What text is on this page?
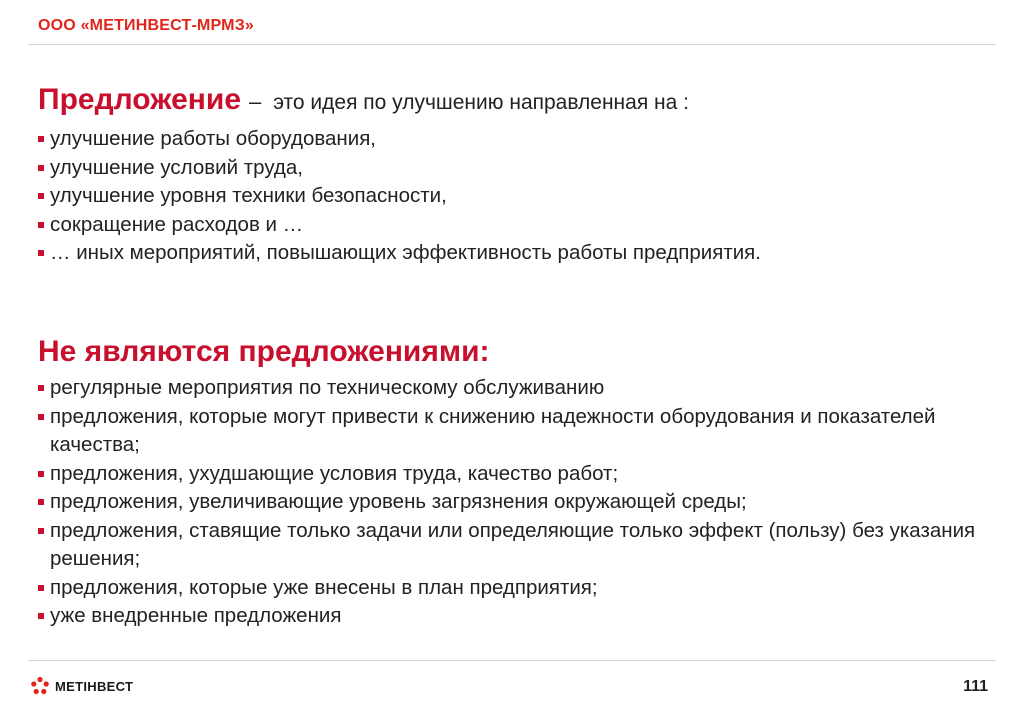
ООО «МЕТИНВЕСТ-МРМЗ»
Предложение – это идея по улучшению направленная на :
улучшение работы оборудования,
улучшение условий труда,
улучшение уровня техники безопасности,
сокращение расходов и …
… иных мероприятий, повышающих эффективность работы предприятия.
Не являются предложениями:
регулярные мероприятия по техническому обслуживанию
предложения, которые могут привести к снижению надежности оборудования и показателей качества;
предложения, ухудшающие условия труда, качество работ;
предложения, увеличивающие уровень загрязнения окружающей среды;
предложения, ставящие только задачи или определяющие только эффект (пользу) без указания решения;
предложения, которые уже внесены в план предприятия;
уже внедренные предложения
МЕТІНВЕСТ	111
